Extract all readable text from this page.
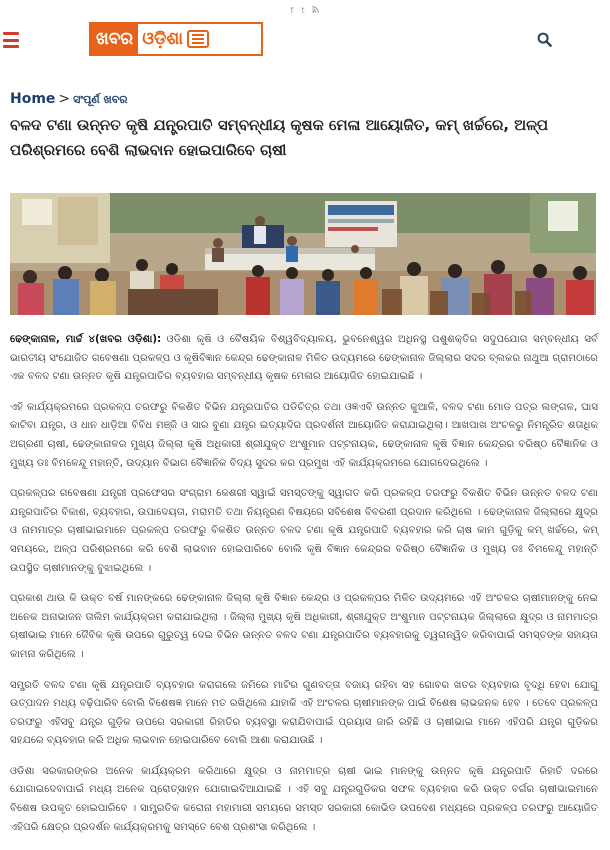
f t
ଖବର ଓଡ଼ିଶା
Home > ସଂପୂର୍ଣ ଖବର
ବଳଦ ଟଣା ଉନ୍ନତ କୃଷି ଯନ୍ତ୍ରପାତି ସମ୍ବନ୍ଧୀୟ କୃଷକ ମେଳା ଆୟୋଜିତ, କମ୍ ଖର୍ଚ୍ଚରେ, ଅଳ୍ପ ପରିଶ୍ରମରେ ବେଶି ଲାଭବାନ ହୋଇପାରିବେ ଚାଷୀ

ଢେଙ୍କାନାଳ, ମାର୍ଚ୍ଚ ୪(ଖବର ଓଡ଼ିଶା): ଓଡିଶା କୃଷି ଓ ବୈଷୟିକ ବିଶ୍ୱବିଦ୍ୟାଳୟ, ଭୁବନେଶ୍ୱର ଅଧିନସ୍ଥ ପଶୁଶକ୍ତିର ସଦୁପଯୋଗ ସମ୍ବନ୍ଧୀୟ ସର୍ବ ଭାରତୀୟ ସଂଯୋଜିତ ଗବେଷଣା ପ୍ରକଳ୍ପ ଓ କୃଷିବିଜ୍ଞାନ କେନ୍ଦ୍ର ଢେଙ୍କାନାଳ ମିଳିତ ଉଦ୍ୟମରେ ଢେଙ୍କାନାଳ ଜିଲ୍ଲାର ସଦର ବ୍ଲକର ନାଥୁଆ ଗ୍ରାମଠାରେ ଏକ ବଳଦ ଟଣା ଉନ୍ନତ କୃଷି ଯନ୍ତ୍ରପାତିର ବ୍ୟବହାର ସମ୍ବନ୍ଧୀୟ କୃଷକ ମେଳାର ଆୟୋଜିତ ହୋଇଯାଇଛି ।

ଏହି କାର୍ଯ୍ୟକ୍ରମରେ ପ୍ରକଳ୍ପ ତରଫରୁ ବିକଶିତ ବିଭିନ ଯନ୍ତ୍ରପାତିର ପଡିଚିତ୍ର ତଥା ଓଜ୍ଞଏବି ଉନ୍ନତ କୁଆଳି, ବଳଦ ଟଣା ମୋଡ ପତ୍ର ଲଙ୍ଗଳ, ଘାସ କାଟିବା ଯନ୍ତ୍ର, ଓ ଧାନ ଧାଡ଼ିଆ ବିବିଧ ମଞ୍ଜି ଓ ସାର ବୁଣା ଯନ୍ତ୍ର ଇତ୍ୟାଦିର ପ୍ରଦର୍ଶନୀ ଆୟୋଜିତ କରାଯାଇଥିଲା। ଆଖପାଖ ଅଂଚଳରୁ ନିମନ୍ତ୍ରିତ ଶତାଧିକ ଅଗ୍ରଣୀ ଚାଷୀ, ଢେଙ୍କାନାଳର ମୁଖ୍ୟ ଜିଲ୍ଲା କୃଷି ଅଧିକାରୀ ଶ୍ରୀଯୁକ୍ତ ଅଂଶୁମାନ ପଟ୍ଟନାୟକ, ଢେଙ୍କାନାଳ କୃଷି ବିଜ୍ଞାନ କେନ୍ଦ୍ରର ବରିଷ୍ଠ ବୈଜ୍ଞାନିକ ଓ ମୁଖ୍ୟ ଡଃ ବିମଳେନ୍ଦୁ ମହାନ୍ତି, ଉଦ୍ୟାନ ବିଭାଗ ବୈଜ୍ଞାନିକ ବିଦ୍ୟ ସୁଦର କର ପ୍ରମୁଖ ଏହି କାର୍ଯ୍ୟକ୍ରମରେ ଯୋଗଦେଇଥିଲେ ।

ପ୍ରକଳ୍ପର ଗବେଷଣା ଯନ୍ତ୍ରୀ ପ୍ରଫେସର ସଂଗ୍ରାମ କେଶରୀ ସ୍ୱାଇଁ ସମସ୍ତଙ୍କୁ ସ୍ୱାଗତ କରି ପ୍ରକଳ୍ପ ତରଫରୁ ବିକଶିତ ବିଭିନ ଉନ୍ନତ ବଳଦ ଟଣା ଯନ୍ତ୍ରପାତିର ବିକାଶ, ବ୍ୟବହାର, ଉପାଦେୟତା, ମରାମତି ତଥା ନିୟନ୍ତ୍ରଣ ବିଷୟରେ ସବିଶେଷ ବିବରଣୀ ପ୍ରଦାନ କରିଥିଲେ । ଢେଙ୍କାନାଳ ଜିଲ୍ଲାରେ କ୍ଷୁଦ୍ର ଓ ନାମମାତ୍ର ଚାଷୀଭାଇମାନେ ପ୍ରକଳ୍ପ ତରଫରୁ ବିକଶିତ ଉନ୍ନତ ବଳଦ ଟଣା କୃଷି ଯନ୍ତ୍ରପାତି ବ୍ୟବହାର କରି ଚାଷ କାମ ଗୁଡ଼ିକୁ କମ୍ ଖର୍ଚ୍ଚରେ, କମ୍ ସମୟରେ, ଅଳ୍ପ ପରିଶ୍ରମରେ କରି ବେଶି ଲାଭବାନ ହୋଇପାରିବେ ବୋଲି କୃଷି ବିଜ୍ଞାନ କେନ୍ଦ୍ରର ବରିଷ୍ଠ ବୈଜ୍ଞାନିକ ଓ ମୁଖ୍ୟ ଡଃ ବିମଳେନ୍ଦୁ ମହାନ୍ତି ଉପସ୍ଥିତ ଚାଷୀମାନଙ୍କୁ ବୁଝାଇଥିଲେ ।

ପ୍ରକାଶ ଥାଉ କି ଉକ୍ତ ବର୍ଷ ମାନଙ୍କରେ ଢେଙ୍କାନାଳ ଜିଲ୍ଲା କୃଷି ବିଜ୍ଞାନ କେନ୍ଦ୍ର ଓ ପ୍ରକଳ୍ପର ମିଳିତ ଉଦ୍ୟମରେ ଏହି ଅଂଚଳର ଚାଷୀମାନଙ୍କୁ ନେଇ ଅନେକ ଅନାଭାଜନ ତାଲିମ କାର୍ଯ୍ୟକ୍ରମ କରାଯାଇଥିଲା । ଜିଲ୍ଲା ମୁଖ୍ୟ କୃଷି ଅଧିକାରୀ, ଶ୍ରୀଯୁକ୍ତ ଅଂଶୁମାନ ପଟ୍ଟନାୟକ ଜିଲ୍ଲାରେ କ୍ଷୁଦ୍ର ଓ ନାମମାତ୍ର ଚାଷୀଭାଇ ମାନେ ଜୈବିକ କୃଷି ଉପରେ ଗୁରୁତ୍ୱ ଦେଇ ବିଭିନ ଉନ୍ନତ ବଳଦ ଟଣା ଯନ୍ତ୍ରପାତିର ବ୍ୟବହାରକୁ ତ୍ୱରାନ୍ୱିତ କରିବାପାଇଁ ସମସ୍ତଙ୍କ ସହାୟତା କାମନା କରିଥିଲେ ।

ସମ୍ପ୍ରତି ବଳଦ ଟଣା କୃଷି ଯନ୍ତ୍ରପାତି ବ୍ୟବହାର କରାଗଲେ ଜମିରେ ମାଟିର ଗୁଣବତ୍ତା ବଜାୟ ରହିବା ସହ ଗୋବର ଖତର ବ୍ୟବହାର ବୃଦ୍ଧି ହେବା ଯୋଗୁ ଉତ୍ପାଦନ ମଧ୍ୟ ବଢ଼ିପାରିବ ବୋଲି ବିଶେଷଜ୍ଞ ମାନେ ମତ ରଖିଥିଲେ ଯାହାକି ଏହି ଅଂଚଳର ଚାଷୀମାନଙ୍କ ପାଇଁ ବିଶେଷ ଲାଭଜନକ ହେବ । ତେବେ ପ୍ରକଳ୍ପ ତରଫରୁ ଏହିସବୁ ଯନ୍ତ୍ର ଗୁଡ଼ିକ ଉପରେ ସରକାରୀ ରିହାତିର ବ୍ୟବସ୍ଥା କରାଯିବାପାଇଁ ପ୍ରୟାସ ଜାରି ରହିଛି ଓ ଚାଷୀଭାଇ ମାନେ ଏହିପରି ଯନ୍ତ୍ର ଗୁଡ଼ିକର ସହଯରେ ବ୍ୟବହାର କରି ଅଧିକ ଲାଭବାନ ହୋଇପାରିବେ ବୋଲି ଆଶା କରାଯାଉଛି ।

ଓଡିଶା ସରକାରଙ୍କର ଅନେକ କାର୍ଯ୍ୟକ୍ରମ କରିଥାରେ କ୍ଷୁଦ୍ର ଓ ନାମମାତ୍ର ଚାଷୀ ଭାଇ ମାନଙ୍କୁ ଉନ୍ନତ କୃଷି ଯନ୍ତ୍ରପାତି ରିହାତି ଦରରେ ଯୋଗାଇଦେବାପାଇଁ ମଧ୍ୟ ଅନେକ ପ୍ରୋତ୍ସାହନ ଯୋଗାଇଦିଆଯାଇଛି । ଏହି ସବୁ ଯନ୍ତ୍ରଗୁଡିକର ସଫଳ ବ୍ୟବହାର କରି ଉକ୍ତ ବର୍ଗର ଚାଷୀଭାଇମାନେ ବିଶେଷ ଉପକୃତ ହୋଇପାରିବେ । ସାମ୍ପ୍ରତିକ କରୋନା ମହାମାରୀ ସମୟରେ ସମସ୍ତ ସରକାରୀ କୋଭିଡ ଉପଦେଶ ମଧ୍ୟରେ ପ୍ରକଳ୍ପ ତରଫରୁ ଆୟୋଜିତ ଏହିପରି କ୍ଷେତ୍ର ପ୍ରଦର୍ଶନ କାର୍ଯ୍ୟକ୍ରମକୁ ସମସ୍ତେ ବେଶ ପ୍ରଶଂସା କରିଥିଲେ ।
